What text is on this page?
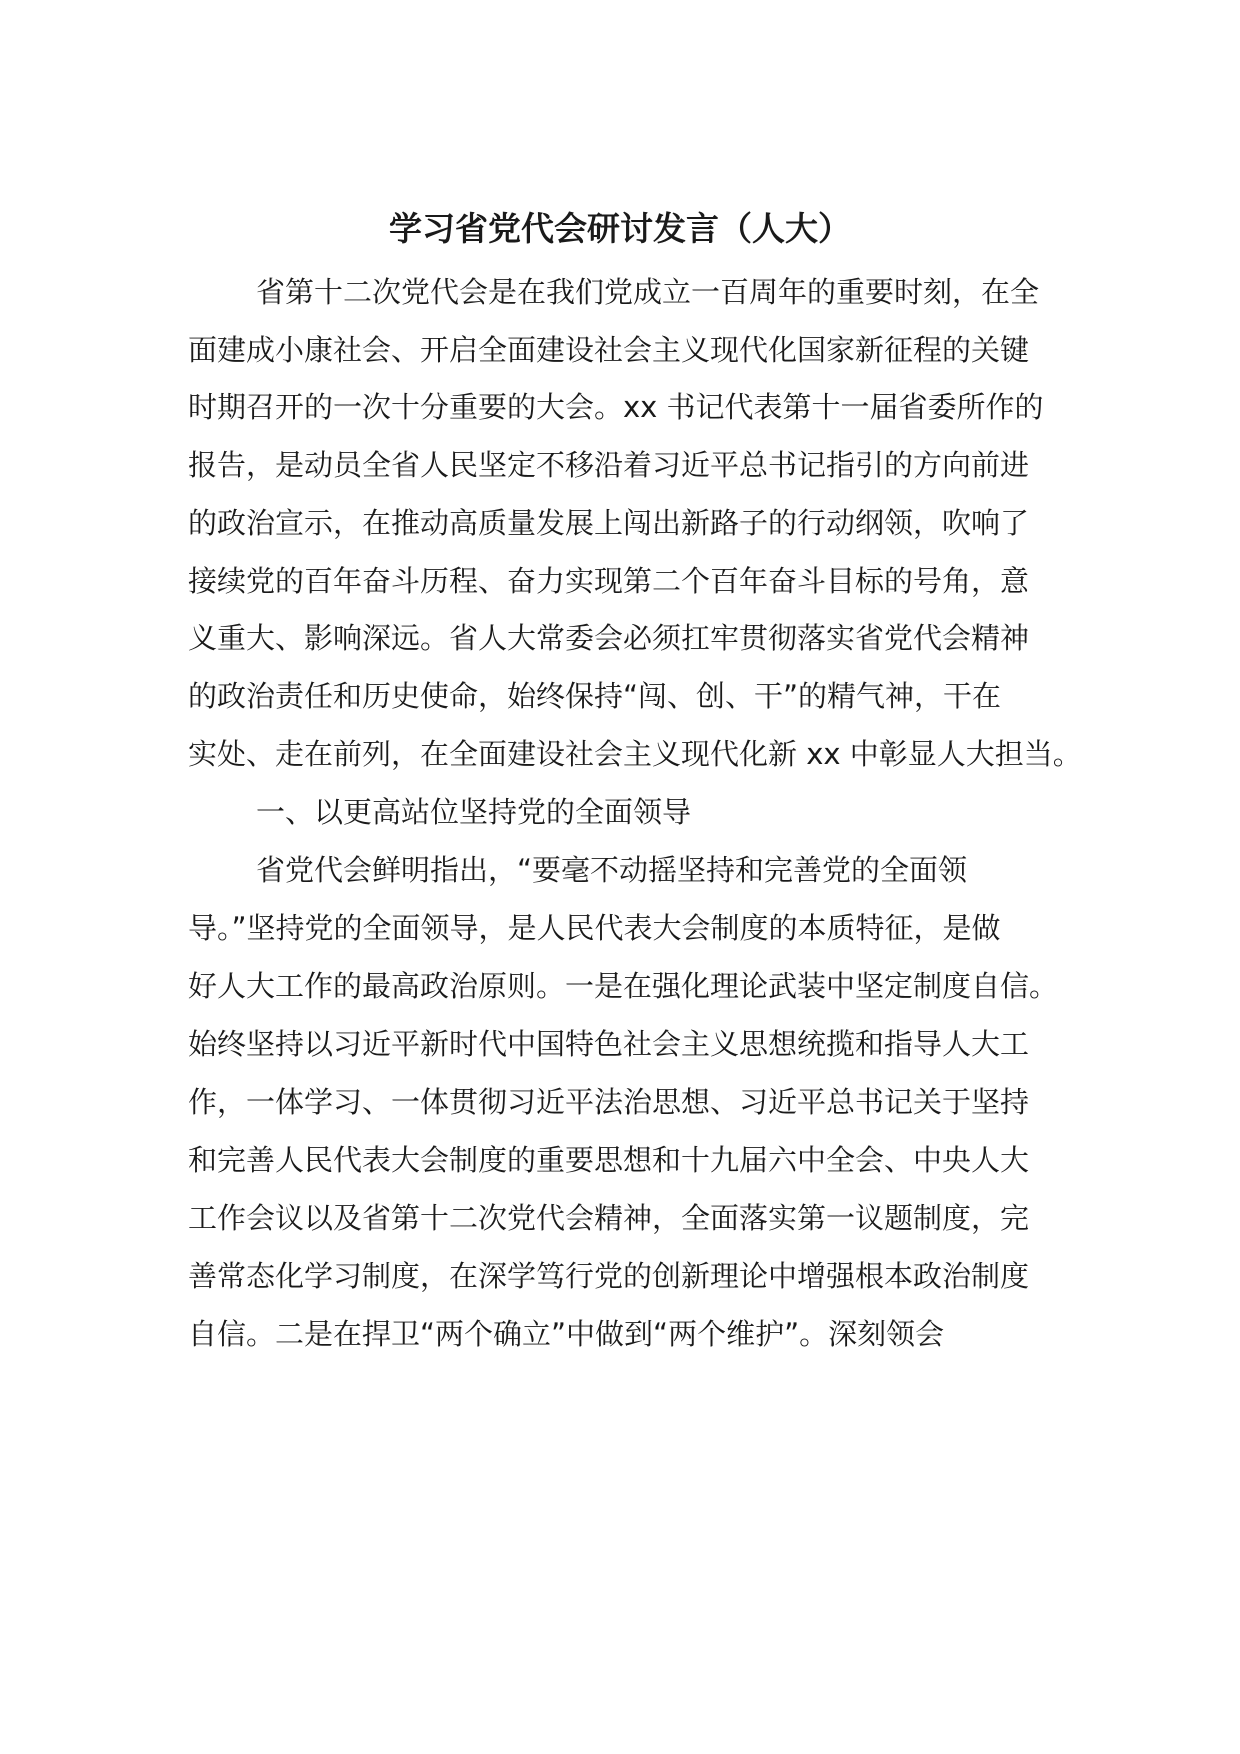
学习省党代会研讨发言（人大）

省第十二次党代会是在我们党成立一百周年的重要时刻，在全

面建成小康社会、开启全面建设社会主义现代化国家新征程的关键

时期召开的一次十分重要的大会。xx 书记代表第十一届省委所作的

报告，是动员全省人民坚定不移沿着习近平总书记指引的方向前进

的政治宣示，在推动高质量发展上闯出新路子的行动纲领，吹响了

接续党的百年奋斗历程、奋力实现第二个百年奋斗目标的号角，意

义重大、影响深远。省人大常委会必须扛牢贯彻落实省党代会精神

的政治责任和历史使命，始终保持“闯、创、干”的精气神，干在

实处、走在前列，在全面建设社会主义现代化新 xx 中彰显人大担当。

一、以更高站位坚持党的全面领导

省党代会鲜明指出，“要毫不动摇坚持和完善党的全面领

导。”坚持党的全面领导，是人民代表大会制度的本质特征，是做

好人大工作的最高政治原则。一是在强化理论武装中坚定制度自信。

始终坚持以习近平新时代中国特色社会主义思想统揽和指导人大工

作，一体学习、一体贯彻习近平法治思想、习近平总书记关于坚持

和完善人民代表大会制度的重要思想和十九届六中全会、中央人大

工作会议以及省第十二次党代会精神，全面落实第一议题制度，完

善常态化学习制度，在深学笃行党的创新理论中增强根本政治制度

自信。二是在捍卫“两个确立”中做到“两个维护”。深刻领会
